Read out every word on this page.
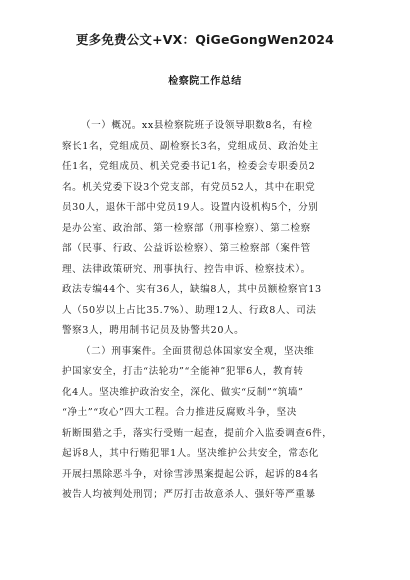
更多免费公文+VX：QiGeGongWen2024
检察院工作总结
（一）概况。xx县检察院班子设领导职数8名，有检
察长1名，党组成员、副检察长3名，党组成员、政治处主
任1名，党组成员、机关党委书记1名，检委会专职委员2
名。机关党委下设3个党支部，有党员52人，其中在职党
员30人，退休干部中党员19人。设置内设机构5个，分别
是办公室、政治部、第一检察部（刑事检察）、第二检察
部（民事、行政、公益诉讼检察）、第三检察部（案件管
理、法律政策研究、刑事执行、控告申诉、检察技术）。
政法专编44个、实有36人，缺编8人，其中员额检察官13
人（50岁以上占比35.7%）、助理12人、行政8人、司法
警察3人，聘用制书记员及协警共20人。
（二）刑事案件。全面贯彻总体国家安全观，坚决维
护国家安全，打击“法轮功”“全能神”犯罪6人，教育转
化4人。坚决维护政治安全，深化、做实“反制”“筑墙”
“净土”“攻心”四大工程。合力推进反腐败斗争，坚决
斩断围猎之手，落实行受贿一起查，提前介入监委调查6件，
起诉8人，其中行贿犯罪1人。坚决维护公共安全，常态化
开展扫黑除恶斗争，对徐雪涉黑案提起公诉，起诉的84名
被告人均被判处刑罚；严厉打击故意杀人、强奸等严重暴
